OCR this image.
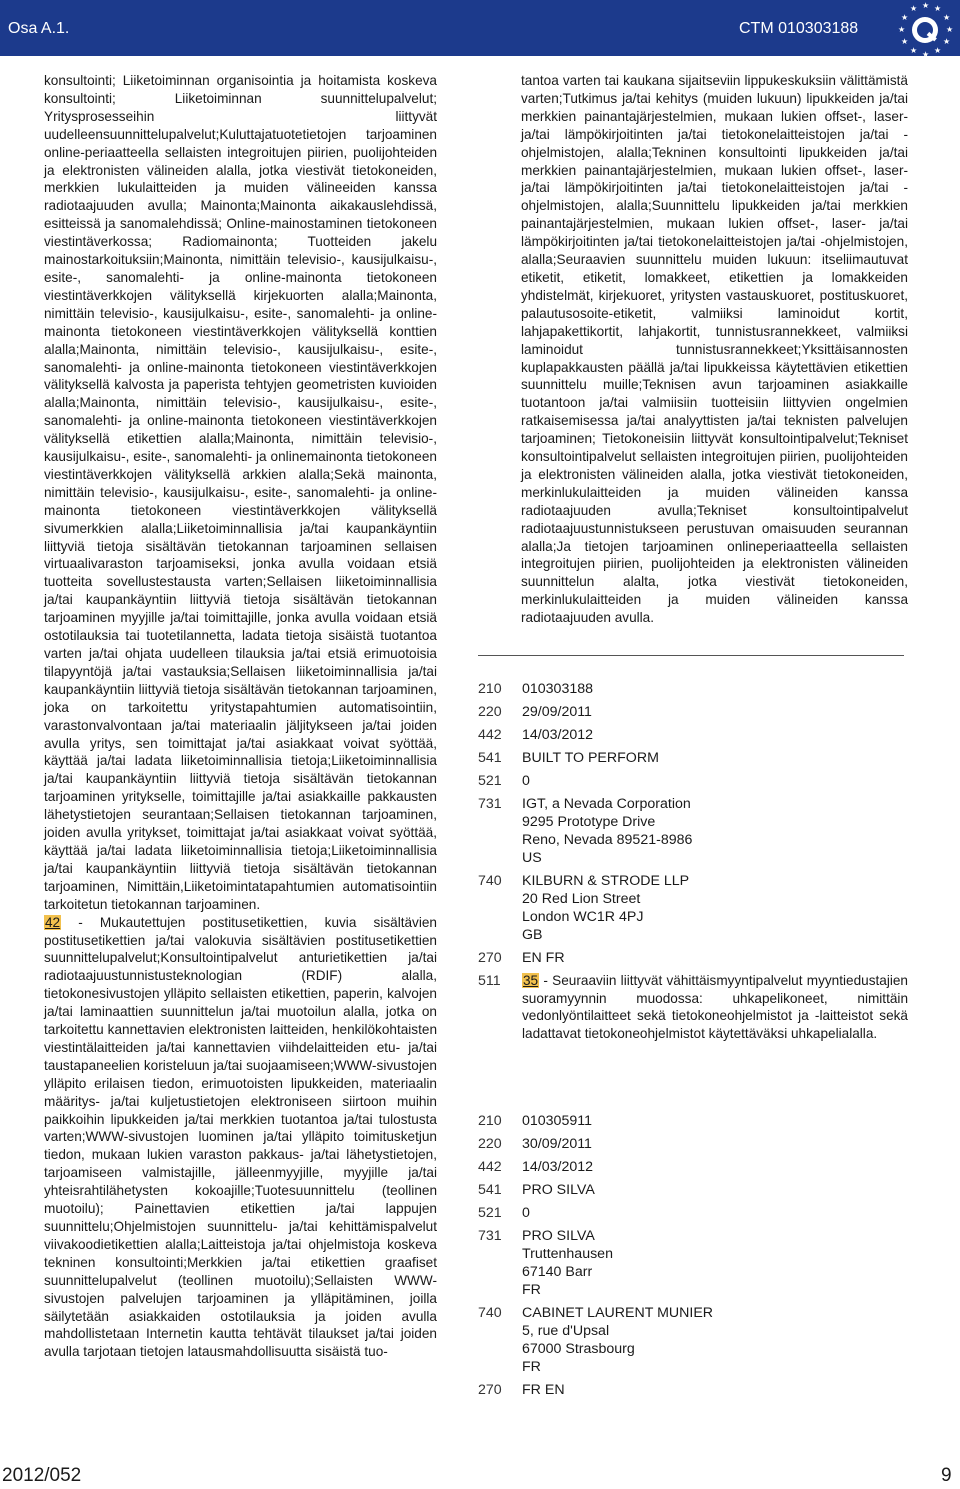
Osa A.1.	CTM 010303188
★ ★
★
★
★
★
★
★
★
★
★
★

konsultointi; Liiketoiminnan organisointia ja hoitamista koskeva konsultointi; Liiketoiminnan suunnittelupalvelut; Yritysprosesseihin liittyvät uudelleensuunnittelupalvelut;Kuluttajatuotetietojen tarjoaminen online-periaatteella sellaisten integroitujen piirien, puolijohteiden ja elektronisten välineiden alalla, jotka viestivät tietokoneiden, merkkien lukulaitteiden ja muiden välineeiden kanssa radiotaajuuden avulla; Mainonta;Mainonta aikakauslehdissä, esitteissä ja sanomalehdissä; Online-mainostaminen tietokoneen viestintäverkossa; Radiomainonta; Tuotteiden jakelu mainostarkoituksiin;Mainonta, nimittäin televisio-, kausijulkaisu-, esite-, sanomalehti- ja online-mainonta tietokoneen viestintäverkkojen välityksellä kirjekuorten alalla;Mainonta, nimittäin televisio-, kausijulkaisu-, esite-, sanomalehti- ja online-mainonta tietokoneen viestintäverkkojen välityksellä konttien alalla;Mainonta, nimittäin televisio-, kausijulkaisu-, esite-, sanomalehti- ja online-mainonta tietokoneen viestintäverkkojen välityksellä kalvosta ja paperista tehtyjen geometristen kuvioiden alalla;Mainonta, nimittäin televisio-, kausijulkaisu-, esite-, sanomalehti- ja online-mainonta tietokoneen viestintäverkkojen välityksellä etikettien alalla;Mainonta, nimittäin televisio-, kausijulkaisu-, esite-, sanomalehti- ja onlinemainonta tietokoneen viestintäverkkojen välityksellä arkkien alalla;Sekä mainonta, nimittäin televisio-, kausijulkaisu-, esite-, sanomalehti- ja online-mainonta tietokoneen viestintäverkkojen välityksellä sivumerkkien alalla;Liiketoiminnallisia ja/tai kaupankäyntiin liittyviä tietoja sisältävän tietokannan tarjoaminen sellaisen virtuaalivaraston tarjoamiseksi, jonka avulla voidaan etsiä tuotteita sovellustestausta varten;Sellaisen liiketoiminnallisia ja/tai kaupankäyntiin liittyviä tietoja sisältävän tietokannan tarjoaminen myyjille ja/tai toimittajille, jonka avulla voidaan etsiä ostotilauksia tai tuotetilannetta, ladata tietoja sisäistä tuotantoa varten ja/tai ohjata uudelleen tilauksia ja/tai etsiä erimuotoisia tilapyyntöjä ja/tai vastauksia;Sellaisen liiketoiminnallisia ja/tai kaupankäyntiin liittyviä tietoja sisältävän tietokannan tarjoaminen, joka on tarkoitettu yritystapahtumien automatisointiin, varastonvalvontaan ja/tai materiaalin jäljitykseen ja/tai joiden avulla yritys, sen toimittajat ja/tai asiakkaat voivat syöttää, käyttää ja/tai ladata liiketoiminnallisia tietoja;Liiketoiminnallisia ja/tai kaupankäyntiin liittyviä tietoja sisältävän tietokannan tarjoaminen yritykselle, toimittajille ja/tai asiakkaille pakkausten lähetystietojen seurantaan;Sellaisen tietokannan tarjoaminen, joiden avulla yritykset, toimittajat ja/tai asiakkaat voivat syöttää, käyttää ja/tai ladata liiketoiminnallisia tietoja;Liiketoiminnallisia ja/tai kaupankäyntiin liittyviä tietoja sisältävän tietokannan tarjoaminen, Nimittäin,Liiketoimintatapahtumien automatisointiin tarkoitetun tietokannan tarjoaminen.

42 - Mukautettujen postitusetikettien, kuvia sisältävien postitusetikettien ja/tai valokuvia sisältävien postitusetikettien suunnittelupalvelut;Konsultointipalvelut anturietikettien ja/tai radiotaajuustunnistusteknologian (RDIF) alalla, tietokonesivustojen ylläpito sellaisten etikettien, paperin, kalvojen ja/tai laminaattien suunnittelun ja/tai muotoilun alalla, jotka on tarkoitettu kannettavien elektronisten laitteiden, henkilökohtaisten viestintälaitteiden ja/tai kannettavien viihdelaitteiden etu- ja/tai taustapaneelien koristeluun ja/tai suojaamiseen;WWW-sivustojen ylläpito erilaisen tiedon, erimuotoisten lipukkeiden, materiaalin määritys- ja/tai kuljetustietojen elektroniseen siirtoon muihin paikkoihin lipukkeiden ja/tai merkkien tuotantoa ja/tai tulostusta varten;WWW-sivustojen luominen ja/tai ylläpito toimitusketjun tiedon, mukaan lukien varaston pakkaus- ja/tai lähetystietojen, tarjoamiseen valmistajille, jälleenmyyjille, myyjille ja/tai yhteisrahtilähetysten kokoajille;Tuotesuunnittelu (teollinen muotoilu); Painettavien etikettien ja/tai lappujen suunnittelu;Ohjelmistojen suunnittelu- ja/tai kehittämispalvelut viivakoodietikettien alalla;Laitteistoja ja/tai ohjelmistoja koskeva tekninen konsultointi;Merkkien ja/tai etikettien graafiset suunnittelupalvelut (teollinen muotoilu);Sellaisten WWW-sivustojen palvelujen tarjoaminen ja ylläpitäminen, joilla säilytetään asiakkaiden ostotilauksia ja joiden avulla mahdollistetaan Internetin kautta tehtävät tilaukset ja/tai joiden avulla tarjotaan tietojen latausmahdollisuutta sisäistä tuo-

tantoa varten tai kaukana sijaitseviin lippukeskuksiin välittämistä varten;Tutkimus ja/tai kehitys (muiden lukuun) lipukkeiden ja/tai merkkien painantajärjestelmien, mukaan lukien offset-, laser- ja/tai lämpökirjoitinten ja/tai tietokonelaitteistojen ja/tai -ohjelmistojen, alalla;Tekninen konsultointi lipukkeiden ja/tai merkkien painantajärjestelmien, mukaan lukien offset-, laser- ja/tai lämpökirjoitinten ja/tai tietokonelaitteistojen ja/tai -ohjelmistojen, alalla;Suunnittelu lipukkeiden ja/tai merkkien painantajärjestelmien, mukaan lukien offset-, laser- ja/tai lämpökirjoitinten ja/tai tietokonelaitteistojen ja/tai -ohjelmistojen, alalla;Seuraavien suunnittelu muiden lukuun: itseliimautuvat etiketit, etiketit, lomakkeet, etikettien ja lomakkeiden yhdistelmät, kirjekuoret, yritysten vastauskuoret, postituskuoret, palautusosoite-etiketit, valmiiksi laminoidut kortit, lahjapakettikortit, lahjakortit, tunnistusrannekkeet, valmiiksi laminoidut tunnistusrannekkeet;Yksittäisannosten kuplapakkausten päällä ja/tai lipukkeissa käytettävien etikettien suunnittelu muille;Teknisen avun tarjoaminen asiakkaille tuotantoon ja/tai valmiisiin tuotteisiin liittyvien ongelmien ratkaisemisessa ja/tai analyyttisten ja/tai teknisten palvelujen tarjoaminen; Tietokoneisiin liittyvät konsultointipalvelut;Tekniset konsultointipalvelut sellaisten integroitujen piirien, puolijohteiden ja elektronisten välineiden alalla, jotka viestivät tietokoneiden, merkinlukulaitteiden ja muiden välineiden kanssa radiotaajuuden avulla;Tekniset konsultointipalvelut radiotaajuustunnistukseen perustuvan omaisuuden seurannan alalla;Ja tietojen tarjoaminen onlineperiaatteella sellaisten integroitujen piirien, puolijohteiden ja elektronisten välineiden suunnittelun alalta, jotka viestivät tietokoneiden, merkinlukulaitteiden ja muiden välineiden kanssa radiotaajuuden avulla.

210	010303188
220	29/09/2011
442	14/03/2012
541	BUILT TO PERFORM
521	0
731	IGT, a Nevada Corporation
9295 Prototype Drive
Reno, Nevada 89521-8986
US
740	KILBURN & STRODE LLP
20 Red Lion Street
London WC1R 4PJ
GB
270	EN FR
511	35 - Seuraaviin liittyvät vähittäismyyntipalvelut myyntiedustajien suoramyynnin muodossa: uhkapelikoneet, nimittäin vedonlyöntilaitteet sekä tietokoneohjelmistot ja -laitteistot sekä ladattavat tietokoneohjelmistot käytettäväksi uhkapelialalla.
210	010305911
220	30/09/2011
442	14/03/2012
541	PRO SILVA
521	0
731	PRO SILVA
Truttenhausen
67140 Barr
FR
740	CABINET LAURENT MUNIER
5, rue d'Upsal
67000 Strasbourg
FR
270	FR EN
2012/052	9
